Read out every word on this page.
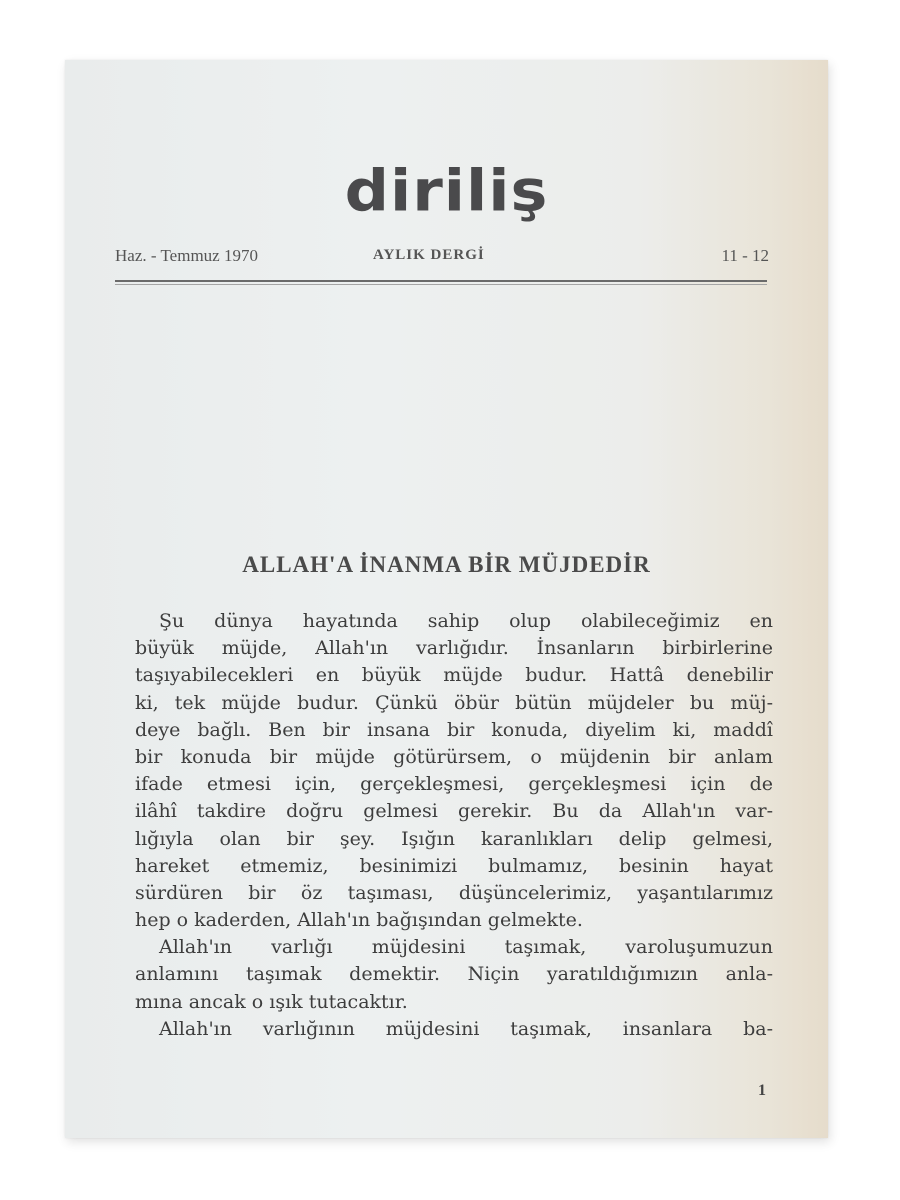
diriliş
Haz. - Temmuz 1970	AYLIK DERGİ	11 - 12
ALLAH'A İNANMA BİR MÜJDEDİR
Şu dünya hayatında sahip olup olabileceğimiz en
büyük müjde, Allah'ın varlığıdır. İnsanların birbirlerine
taşıyabilecekleri en büyük müjde budur. Hattâ denebilir
ki, tek müjde budur. Çünkü öbür bütün müjdeler bu müj-
deye bağlı. Ben bir insana bir konuda, diyelim ki, maddî
bir konuda bir müjde götürürsem, o müjdenin bir anlam
ifade etmesi için, gerçekleşmesi, gerçekleşmesi için de
ilâhî takdire doğru gelmesi gerekir. Bu da Allah'ın var-
lığıyla olan bir şey. Işığın karanlıkları delip gelmesi,
hareket etmemiz, besinimizi bulmamız, besinin hayat
sürdüren bir öz taşıması, düşüncelerimiz, yaşantılarımız
hep o kaderden, Allah'ın bağışından gelmekte.
Allah'ın varlığı müjdesini taşımak, varoluşumuzun
anlamını taşımak demektir. Niçin yaratıldığımızın anla-
mına ancak o ışık tutacaktır.
Allah'ın varlığının müjdesini taşımak, insanlara ba-
1
